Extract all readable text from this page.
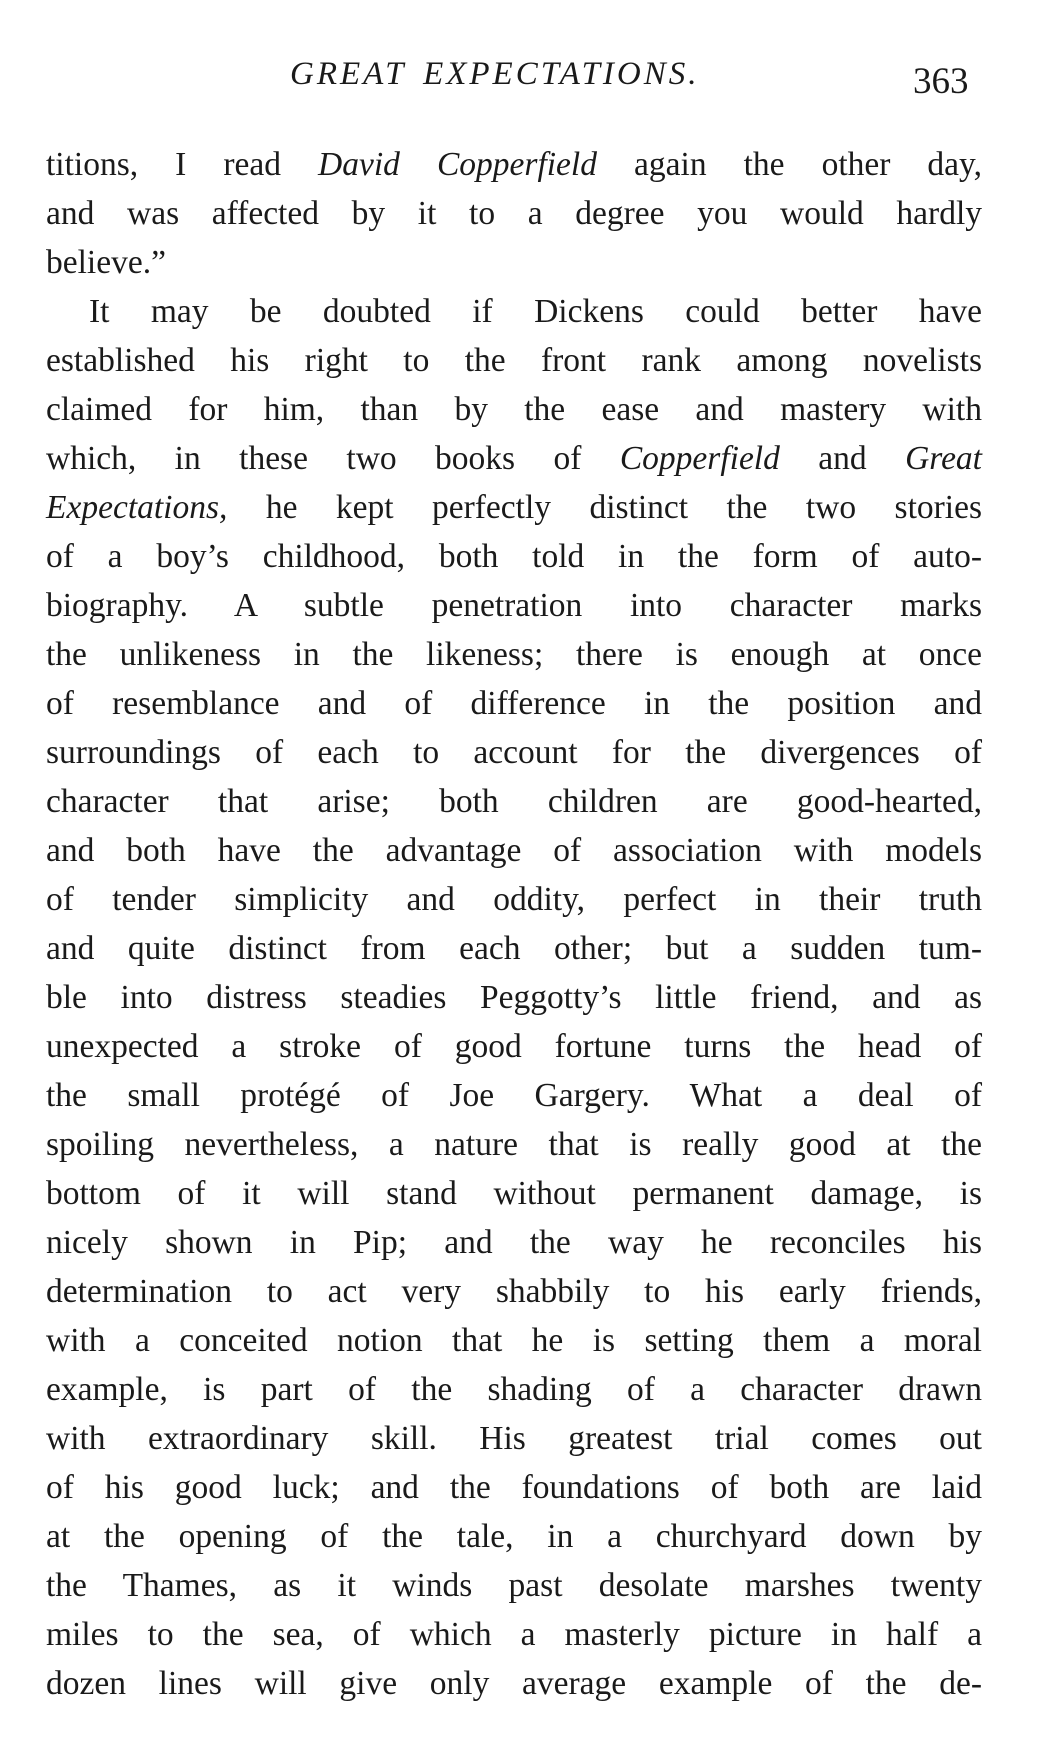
GREAT EXPECTATIONS.	363
titions, I read David Copperfield again the other day,
and was affected by it to a degree you would hardly
believe.”
It may be doubted if Dickens could better have
established his right to the front rank among novelists
claimed for him, than by the ease and mastery with
which, in these two books of Copperfield and Great
Expectations, he kept perfectly distinct the two stories
of a boy’s childhood, both told in the form of auto-
biography. A subtle penetration into character marks
the unlikeness in the likeness; there is enough at once
of resemblance and of difference in the position and
surroundings of each to account for the divergences of
character that arise; both children are good-hearted,
and both have the advantage of association with models
of tender simplicity and oddity, perfect in their truth
and quite distinct from each other; but a sudden tum-
ble into distress steadies Peggotty’s little friend, and as
unexpected a stroke of good fortune turns the head of
the small protégé of Joe Gargery. What a deal of
spoiling nevertheless, a nature that is really good at the
bottom of it will stand without permanent damage, is
nicely shown in Pip; and the way he reconciles his
determination to act very shabbily to his early friends,
with a conceited notion that he is setting them a moral
example, is part of the shading of a character drawn
with extraordinary skill. His greatest trial comes out
of his good luck; and the foundations of both are laid
at the opening of the tale, in a churchyard down by
the Thames, as it winds past desolate marshes twenty
miles to the sea, of which a masterly picture in half a
dozen lines will give only average example of the de-
